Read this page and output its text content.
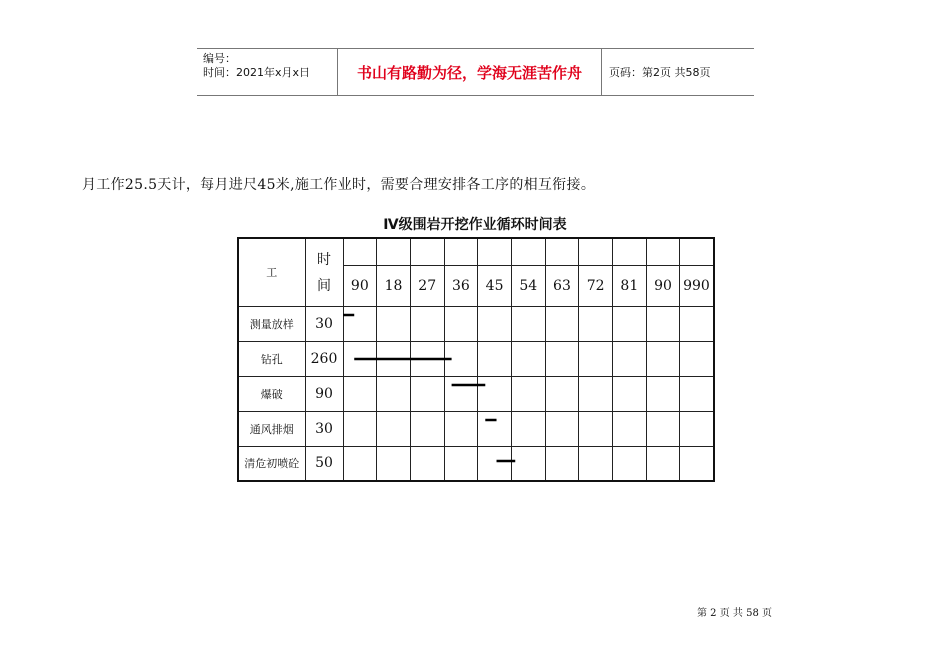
编号：
时间：2021年x月x日	书山有路勤为径，学海无涯苦作舟	页码：第2页 共58页
月工作25.5天计，每月进尺45米,施工作业时，需要合理安排各工序的相互衔接。
Ⅳ级围岩开挖作业循环时间表
工	时
间											

		90	18	27	36	45	54	63	72	81	90	990
测量放样	30											
钻孔	260											
爆破	90											
通风排烟	30											
清危初喷砼	50											
第 2 页 共 58 页
